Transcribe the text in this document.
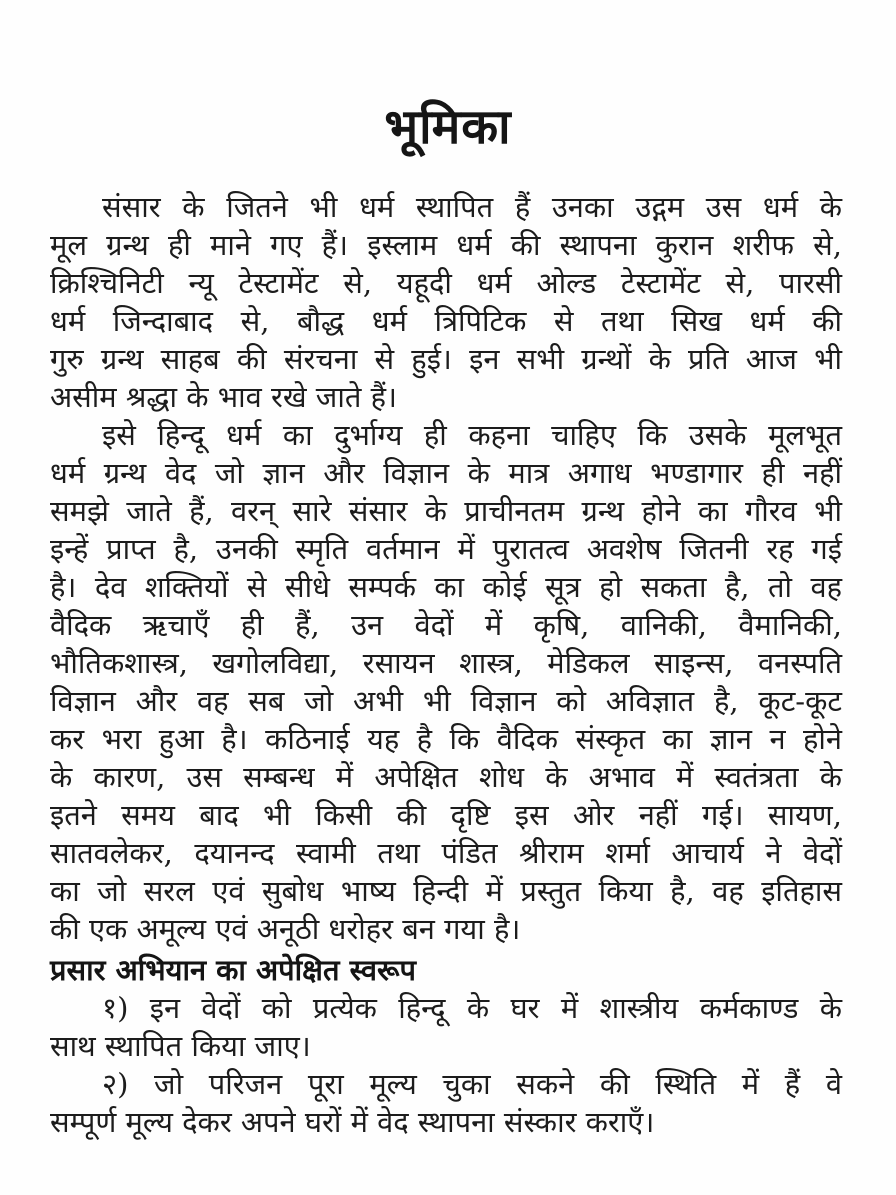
भूमिका
संसार के जितने भी धर्म स्थापित हैं उनका उद्गम उस धर्म के
मूल ग्रन्थ ही माने गए हैं। इस्लाम धर्म की स्थापना कुरान शरीफ से,
क्रिश्चिनिटी न्यू टेस्टामेंट से, यहूदी धर्म ओल्ड टेस्टामेंट से, पारसी
धर्म जिन्दाबाद से, बौद्ध धर्म त्रिपिटिक से तथा सिख धर्म की
गुरु ग्रन्थ साहब की संरचना से हुई। इन सभी ग्रन्थों के प्रति आज भी
असीम श्रद्धा के भाव रखे जाते हैं।
इसे हिन्दू धर्म का दुर्भाग्य ही कहना चाहिए कि उसके मूलभूत
धर्म ग्रन्थ वेद जो ज्ञान और विज्ञान के मात्र अगाध भण्डागार ही नहीं
समझे जाते हैं, वरन् सारे संसार के प्राचीनतम ग्रन्थ होने का गौरव भी
इन्हें प्राप्त है, उनकी स्मृति वर्तमान में पुरातत्व अवशेष जितनी रह गई
है। देव शक्तियों से सीधे सम्पर्क का कोई सूत्र हो सकता है, तो वह
वैदिक ऋचाएँ ही हैं, उन वेदों में कृषि, वानिकी, वैमानिकी,
भौतिकशास्त्र, खगोलविद्या, रसायन शास्त्र, मेडिकल साइन्स, वनस्पति
विज्ञान और वह सब जो अभी भी विज्ञान को अविज्ञात है, कूट-कूट
कर भरा हुआ है। कठिनाई यह है कि वैदिक संस्कृत का ज्ञान न होने
के कारण, उस सम्बन्ध में अपेक्षित शोध के अभाव में स्वतंत्रता के
इतने समय बाद भी किसी की दृष्टि इस ओर नहीं गई। सायण,
सातवलेकर, दयानन्द स्वामी तथा पंडित श्रीराम शर्मा आचार्य ने वेदों
का जो सरल एवं सुबोध भाष्य हिन्दी में प्रस्तुत किया है, वह इतिहास
की एक अमूल्य एवं अनूठी धरोहर बन गया है।
प्रसार अभियान का अपेक्षित स्वरूप
१) इन वेदों को प्रत्येक हिन्दू के घर में शास्त्रीय कर्मकाण्ड के
साथ स्थापित किया जाए।
२) जो परिजन पूरा मूल्य चुका सकने की स्थिति में हैं वे
सम्पूर्ण मूल्य देकर अपने घरों में वेद स्थापना संस्कार कराएँ।
